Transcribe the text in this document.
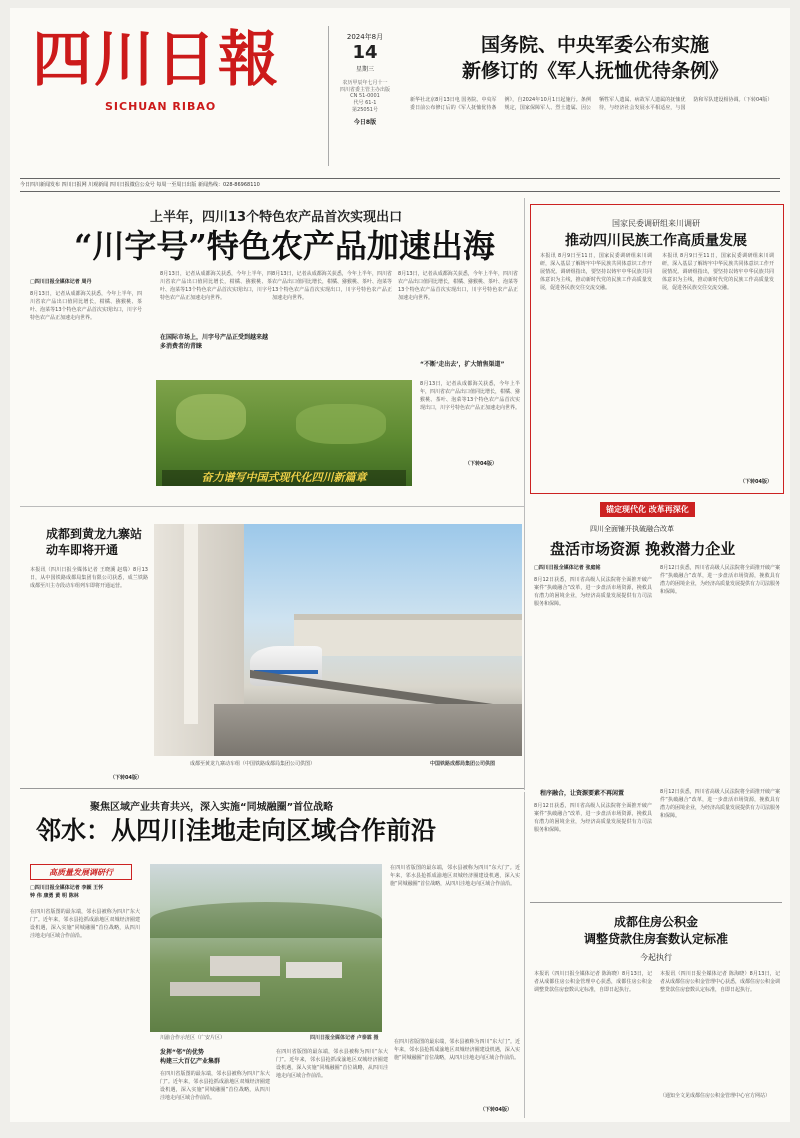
四川日報
SICHUAN RIBAO
2024年8月
14
星期三
农历甲辰年七月十一
四川省委主管主办出版
CN 51-0001
代号 61-1
第25051号
今日8版
国务院、中央军委公布实施
新修订的《军人抚恤优待条例》
新华社北京8月13日电 国务院、中央军委日前公布修订后的《军人抚恤优待条例》，自2024年10月1日起施行。条例规定，国家保障军人、烈士遗属、因公牺牲军人遗属、病故军人遗属的抚恤优待，与经济社会发展水平相适应，与国防和军队建设相协调。（下转04版）
今日四川新闻发布 四川日报网 川观新闻 四川日报微信公众号 每周一至周日出版 新闻热线：028-86968110
上半年，四川13个特色农产品首次实现出口
“川字号”特色农产品加速出海
□四川日报全媒体记者 周丹
8月13日，记者从成都海关获悉，今年上半年，四川省农产品出口值同比增长，柑橘、猕猴桃、茶叶、泡菜等13个特色农产品首次实现出口，川字号特色农产品正加速走向世界。
8月13日，记者从成都海关获悉，今年上半年，四川省农产品出口值同比增长，柑橘、猕猴桃、茶叶、泡菜等13个特色农产品首次实现出口，川字号特色农产品正加速走向世界。
在国际市场上，川字号产品正受到越来越多消费者的青睐
8月13日，记者从成都海关获悉，今年上半年，四川省农产品出口值同比增长，柑橘、猕猴桃、茶叶、泡菜等13个特色农产品首次实现出口，川字号特色农产品正加速走向世界。
8月13日，记者从成都海关获悉，今年上半年，四川省农产品出口值同比增长，柑橘、猕猴桃、茶叶、泡菜等13个特色农产品首次实现出口，川字号特色农产品正加速走向世界。
“不断‘走出去’，扩大销售渠道”
8月13日，记者从成都海关获悉，今年上半年，四川省农产品出口值同比增长，柑橘、猕猴桃、茶叶、泡菜等13个特色农产品首次实现出口，川字号特色农产品正加速走向世界。
（下转04版）
奋力谱写中国式现代化四川新篇章
国家民委调研组来川调研
推动四川民族工作高质量发展
本报讯 8月9日至11日，国家民委调研组来川调研，深入基层了解铸牢中华民族共同体意识工作开展情况。调研组指出，要坚持以铸牢中华民族共同体意识为主线，推动新时代党的民族工作高质量发展，促进各民族交往交流交融。
本报讯 8月9日至11日，国家民委调研组来川调研，深入基层了解铸牢中华民族共同体意识工作开展情况。调研组指出，要坚持以铸牢中华民族共同体意识为主线，推动新时代党的民族工作高质量发展，促进各民族交往交流交融。
（下转04版）
锚定现代化 改革再深化
四川全面铺开执破融合改革
盘活市场资源 挽救潜力企业
□四川日报全媒体记者 张庭铭
8月12日获悉，四川省高级人民法院将全面推开破产案件“执破融合”改革，进一步盘活市场资源，挽救具有潜力的困境企业，为经济高质量发展提供有力司法服务和保障。
8月12日获悉，四川省高级人民法院将全面推开破产案件“执破融合”改革，进一步盘活市场资源，挽救具有潜力的困境企业，为经济高质量发展提供有力司法服务和保障。
程序融合，让资源要素不再闲置
8月12日获悉，四川省高级人民法院将全面推开破产案件“执破融合”改革，进一步盘活市场资源，挽救具有潜力的困境企业，为经济高质量发展提供有力司法服务和保障。
8月12日获悉，四川省高级人民法院将全面推开破产案件“执破融合”改革，进一步盘活市场资源，挽救具有潜力的困境企业，为经济高质量发展提供有力司法服务和保障。
成都到黄龙九寨站
动车即将开通
本报讯（四川日报全媒体记者 王晓溪 赵瑞）8月13日，从中国铁路成都局集团有限公司获悉，成兰铁路成都至川主寺段动车组列车即将开通运营。
（下转04版）
成都至黄龙九寨动车组（中国铁路成都局集团公司供图）	中国铁路成都局集团公司供图
聚焦区域产业共育共兴，深入实施“同城融圈”首位战略
邻水：从四川洼地走向区域合作前沿
高质量发展调研行
□四川日报全媒体记者 李颖 王怀
钟 伟 康勇 黄 明 陈林
在四川省版图的最东端，邻水县被称为四川“东大门”。近年来，邻水县抢抓成渝地区双城经济圈建设机遇，深入实施“同城融圈”首位战略，从四川洼地走向区域合作前沿。
川渝合作示范区（广安片区）	四川日报全媒体记者 卢泰霖 摄
在四川省版图的最东端，邻水县被称为四川“东大门”。近年来，邻水县抢抓成渝地区双城经济圈建设机遇，深入实施“同城融圈”首位战略，从四川洼地走向区域合作前沿。
发挥“邻”的优势
构建三大百亿产业集群
在四川省版图的最东端，邻水县被称为四川“东大门”。近年来，邻水县抢抓成渝地区双城经济圈建设机遇，深入实施“同城融圈”首位战略，从四川洼地走向区域合作前沿。
在四川省版图的最东端，邻水县被称为四川“东大门”。近年来，邻水县抢抓成渝地区双城经济圈建设机遇，深入实施“同城融圈”首位战略，从四川洼地走向区域合作前沿。
在四川省版图的最东端，邻水县被称为四川“东大门”。近年来，邻水县抢抓成渝地区双城经济圈建设机遇，深入实施“同城融圈”首位战略，从四川洼地走向区域合作前沿。
（下转04版）
成都住房公积金
调整贷款住房套数认定标准
今起执行
本报讯（四川日报全媒体记者 陈海晓）8月13日，记者从成都住房公积金管理中心获悉，成都住房公积金调整贷款住房套数认定标准，自即日起执行。
本报讯（四川日报全媒体记者 陈海晓）8月13日，记者从成都住房公积金管理中心获悉，成都住房公积金调整贷款住房套数认定标准，自即日起执行。
（通知全文见成都住房公积金管理中心官方网站）
